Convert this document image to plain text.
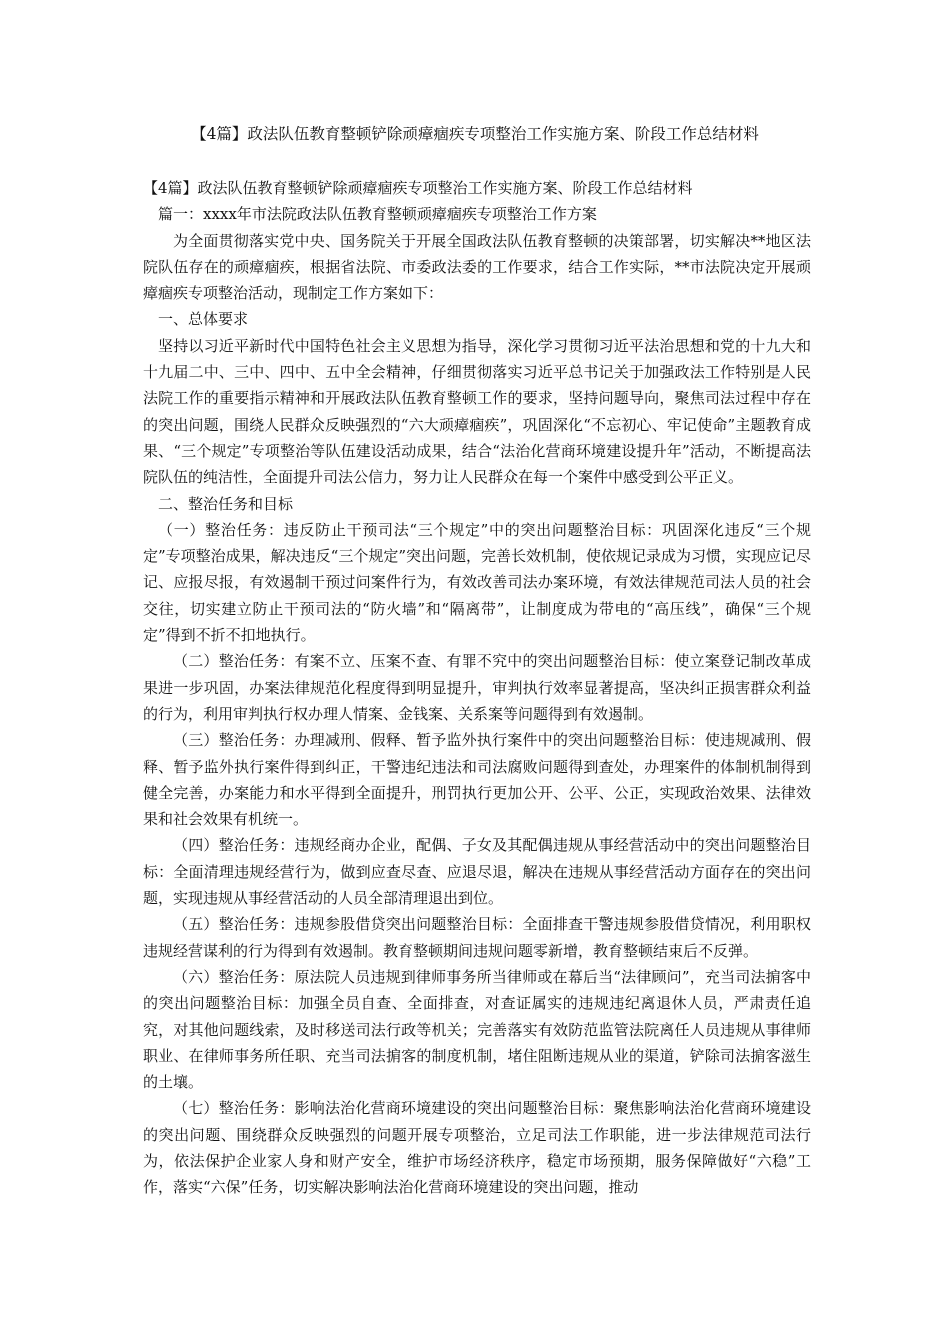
【4篇】政法队伍教育整顿铲除顽瘴痼疾专项整治工作实施方案、阶段工作总结材料

【4篇】政法队伍教育整顿铲除顽瘴痼疾专项整治工作实施方案、阶段工作总结材料

篇一：xxxx年市法院政法队伍教育整顿顽瘴痼疾专项整治工作方案

为全面贯彻落实党中央、国务院关于开展全国政法队伍教育整顿的决策部署，切实解决**地区法院队伍存在的顽瘴痼疾，根据省法院、市委政法委的工作要求，结合工作实际，**市法院决定开展顽瘴痼疾专项整治活动，现制定工作方案如下：

一、总体要求

坚持以习近平新时代中国特色社会主义思想为指导，深化学习贯彻习近平法治思想和党的十九大和十九届二中、三中、四中、五中全会精神，仔细贯彻落实习近平总书记关于加强政法工作特别是人民法院工作的重要指示精神和开展政法队伍教育整顿工作的要求，坚持问题导向，聚焦司法过程中存在的突出问题，围绕人民群众反映强烈的“六大顽瘴痼疾”，巩固深化“不忘初心、牢记使命”主题教育成果、“三个规定”专项整治等队伍建设活动成果，结合“法治化营商环境建设提升年”活动，不断提高法院队伍的纯洁性，全面提升司法公信力，努力让人民群众在每一个案件中感受到公平正义。

二、整治任务和目标

（一）整治任务：违反防止干预司法“三个规定”中的突出问题整治目标：巩固深化违反“三个规定”专项整治成果，解决违反“三个规定”突出问题，完善长效机制，使依规记录成为习惯，实现应记尽记、应报尽报，有效遏制干预过问案件行为，有效改善司法办案环境，有效法律规范司法人员的社会交往，切实建立防止干预司法的“防火墙”和“隔离带”，让制度成为带电的“高压线”，确保“三个规定”得到不折不扣地执行。

（二）整治任务：有案不立、压案不查、有罪不究中的突出问题整治目标：使立案登记制改革成果进一步巩固，办案法律规范化程度得到明显提升，审判执行效率显著提高，坚决纠正损害群众利益的行为，利用审判执行权办理人情案、金钱案、关系案等问题得到有效遏制。

（三）整治任务：办理减刑、假释、暂予监外执行案件中的突出问题整治目标：使违规减刑、假释、暂予监外执行案件得到纠正，干警违纪违法和司法腐败问题得到查处，办理案件的体制机制得到健全完善，办案能力和水平得到全面提升，刑罚执行更加公开、公平、公正，实现政治效果、法律效果和社会效果有机统一。

（四）整治任务：违规经商办企业，配偶、子女及其配偶违规从事经营活动中的突出问题整治目标：全面清理违规经营行为，做到应查尽查、应退尽退，解决在违规从事经营活动方面存在的突出问题，实现违规从事经营活动的人员全部清理退出到位。

（五）整治任务：违规参股借贷突出问题整治目标：全面排查干警违规参股借贷情况，利用职权违规经营谋利的行为得到有效遏制。教育整顿期间违规问题零新增，教育整顿结束后不反弹。

（六）整治任务：原法院人员违规到律师事务所当律师或在幕后当“法律顾问”，充当司法掮客中的突出问题整治目标：加强全员自查、全面排查，对查证属实的违规违纪离退休人员，严肃责任追究，对其他问题线索，及时移送司法行政等机关；完善落实有效防范监管法院离任人员违规从事律师职业、在律师事务所任职、充当司法掮客的制度机制，堵住阻断违规从业的渠道，铲除司法掮客滋生的土壤。

（七）整治任务：影响法治化营商环境建设的突出问题整治目标：聚焦影响法治化营商环境建设的突出问题、围绕群众反映强烈的问题开展专项整治，立足司法工作职能，进一步法律规范司法行为，依法保护企业家人身和财产安全，维护市场经济秩序，稳定市场预期，服务保障做好“六稳”工作，落实“六保”任务，切实解决影响法治化营商环境建设的突出问题，推动
